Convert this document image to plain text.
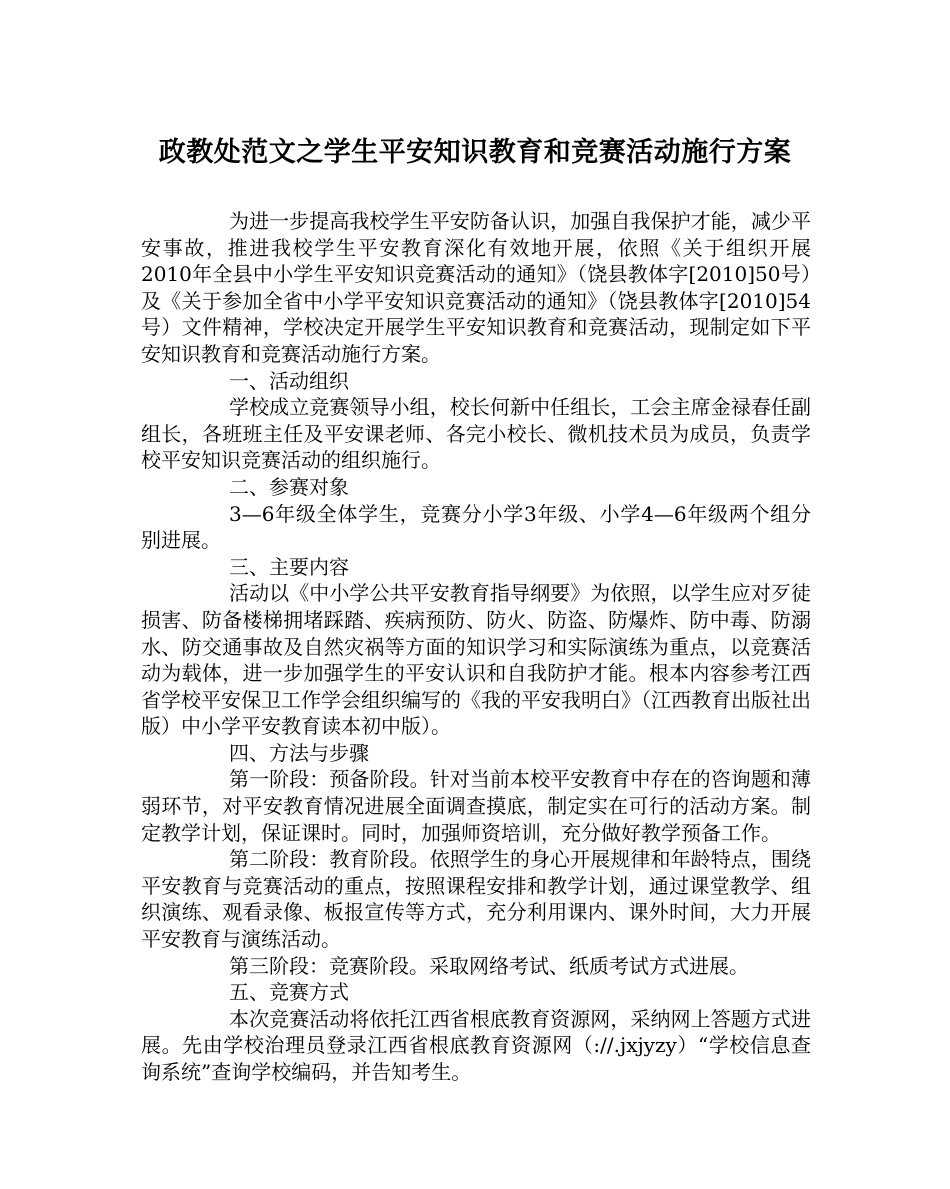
政教处范文之学生平安知识教育和竞赛活动施行方案

为进一步提高我校学生平安防备认识，加强自我保护才能，减少平安事故，推进我校学生平安教育深化有效地开展，依照《关于组织开展2010年全县中小学生平安知识竞赛活动的通知》（饶县教体字[2010]50号）及《关于参加全省中小学平安知识竞赛活动的通知》（饶县教体字[2010]54号）文件精神，学校决定开展学生平安知识教育和竞赛活动，现制定如下平安知识教育和竞赛活动施行方案。

一、活动组织

学校成立竞赛领导小组，校长何新中任组长，工会主席金禄春任副组长，各班班主任及平安课老师、各完小校长、微机技术员为成员，负责学校平安知识竞赛活动的组织施行。

二、参赛对象

3—6年级全体学生，竞赛分小学3年级、小学4—6年级两个组分别进展。

三、主要内容

活动以《中小学公共平安教育指导纲要》为依照，以学生应对歹徒损害、防备楼梯拥堵踩踏、疾病预防、防火、防盗、防爆炸、防中毒、防溺水、防交通事故及自然灾祸等方面的知识学习和实际演练为重点，以竞赛活动为载体，进一步加强学生的平安认识和自我防护才能。根本内容参考江西省学校平安保卫工作学会组织编写的《我的平安我明白》（江西教育出版社出版）中小学平安教育读本初中版）。

四、方法与步骤

第一阶段：预备阶段。针对当前本校平安教育中存在的咨询题和薄弱环节，对平安教育情况进展全面调查摸底，制定实在可行的活动方案。制定教学计划，保证课时。同时，加强师资培训，充分做好教学预备工作。

第二阶段：教育阶段。依照学生的身心开展规律和年龄特点，围绕平安教育与竞赛活动的重点，按照课程安排和教学计划，通过课堂教学、组织演练、观看录像、板报宣传等方式，充分利用课内、课外时间，大力开展平安教育与演练活动。

第三阶段：竞赛阶段。采取网络考试、纸质考试方式进展。

五、竞赛方式

本次竞赛活动将依托江西省根底教育资源网，采纳网上答题方式进展。先由学校治理员登录江西省根底教育资源网（://.jxjyzy）“学校信息查询系统”查询学校编码，并告知考生。
